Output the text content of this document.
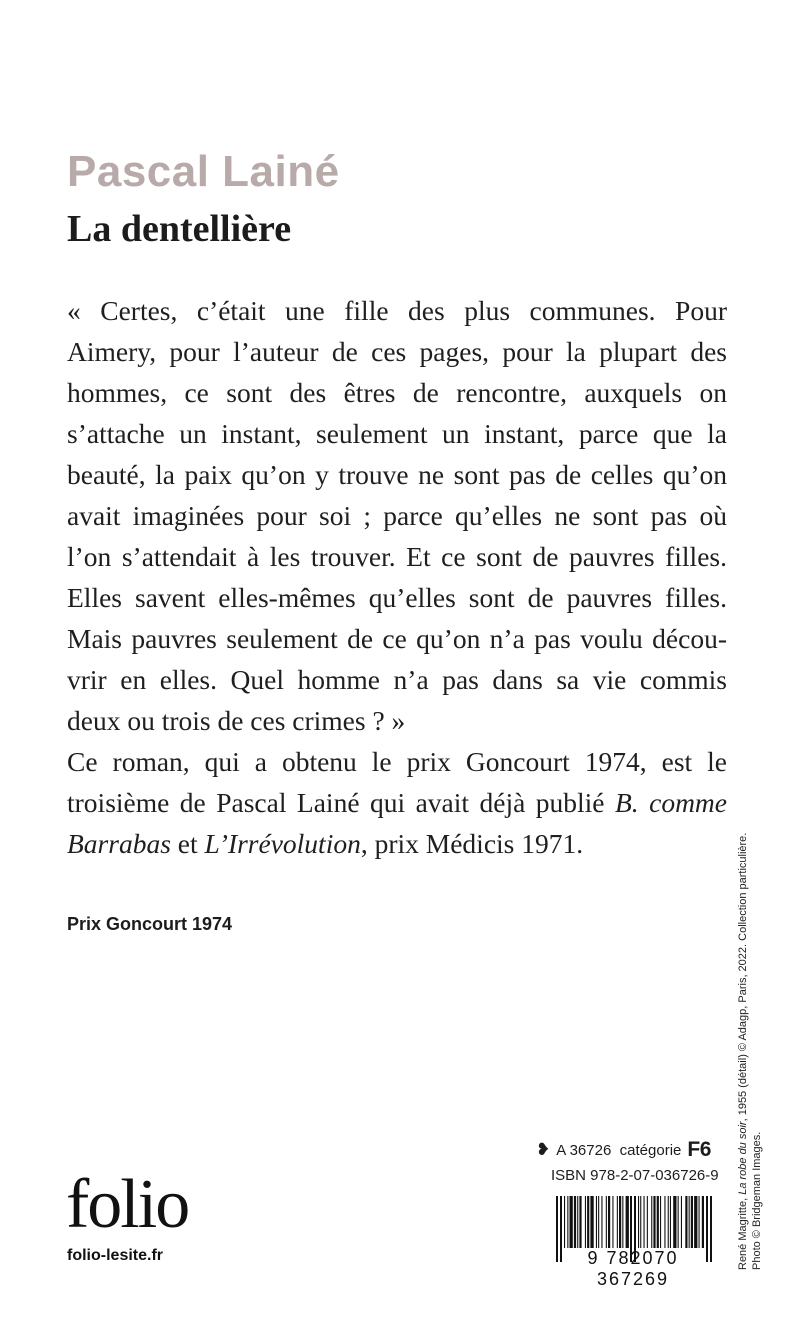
Pascal Lainé
La dentellière
« Certes, c’était une fille des plus communes. Pour
Aimery, pour l’auteur de ces pages, pour la plupart des
hommes, ce sont des êtres de rencontre, auxquels on
s’attache un instant, seulement un instant, parce que la
beauté, la paix qu’on y trouve ne sont pas de celles qu’on
avait imaginées pour soi ; parce qu’elles ne sont pas où
l’on s’attendait à les trouver. Et ce sont de pauvres filles.
Elles savent elles-mêmes qu’elles sont de pauvres filles.
Mais pauvres seulement de ce qu’on n’a pas voulu décou-
vrir en elles. Quel homme n’a pas dans sa vie commis
deux ou trois de ces crimes ? »
Ce roman, qui a obtenu le prix Goncourt 1974, est le
troisième de Pascal Lainé qui avait déjà publié B. comme
Barrabas et L’Irrévolution, prix Médicis 1971.
Prix Goncourt 1974
folio
folio-lesite.fr
❥ A 36726
catégorie F6
ISBN 978-2-07-036726-9
9 782070 367269
René Magritte, La robe du soir, 1955 (détail) © Adagp, Paris, 2022. Collection particulière.
Photo © Bridgeman Images.
